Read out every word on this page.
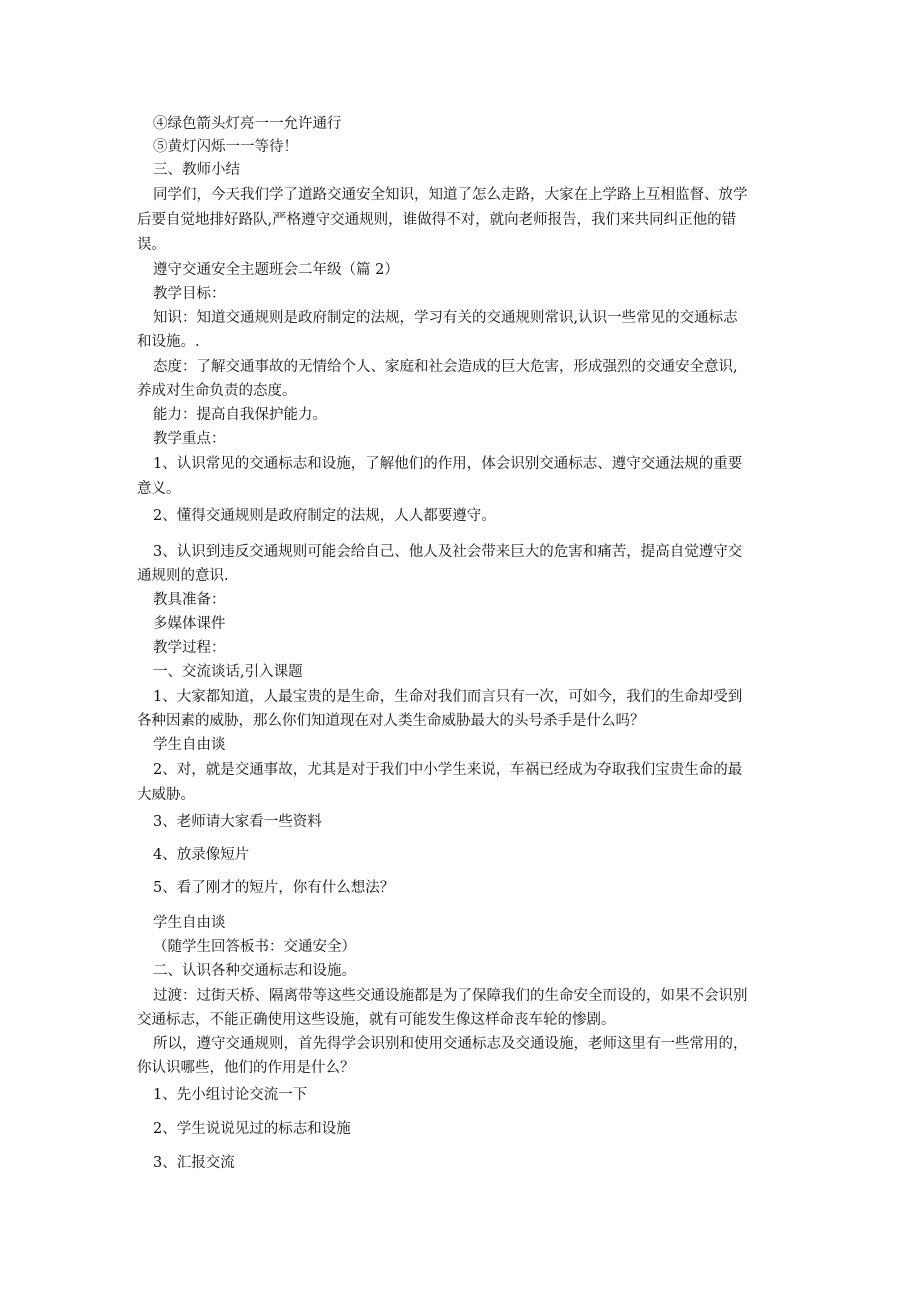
④绿色箭头灯亮一一允许通行
⑤黄灯闪烁一一等待！
三、教师小结
同学们，今天我们学了道路交通安全知识，知道了怎么走路，大家在上学路上互相监督、放学
后要自觉地排好路队,严格遵守交通规则，谁做得不对，就向老师报告，我们来共同纠正他的错
误。
遵守交通安全主题班会二年级（篇 2）
教学目标：
知识：知道交通规则是政府制定的法规，学习有关的交通规则常识,认识一些常见的交通标志
和设施。.
态度：了解交通事故的无情给个人、家庭和社会造成的巨大危害，形成强烈的交通安全意识,
养成对生命负责的态度。
能力：提高自我保护能力。
教学重点：
1、认识常见的交通标志和设施，了解他们的作用，体会识别交通标志、遵守交通法规的重要
意义。
2、懂得交通规则是政府制定的法规，人人都要遵守。
3、认识到违反交通规则可能会给自己、他人及社会带来巨大的危害和痛苦，提高自觉遵守交
通规则的意识.
教具准备：
多媒体课件
教学过程：
一、交流谈话,引入课题
1、大家都知道，人最宝贵的是生命，生命对我们而言只有一次，可如今，我们的生命却受到
各种因素的威胁，那么你们知道现在对人类生命威胁最大的头号杀手是什么吗？
学生自由谈
2、对，就是交通事故，尤其是对于我们中小学生来说，车祸已经成为夺取我们宝贵生命的最
大威胁。
3、老师请大家看一些资料
4、放录像短片
5、看了刚才的短片，你有什么想法？
学生自由谈
（随学生回答板书：交通安全）
二、认识各种交通标志和设施。
过渡：过街天桥、隔离带等这些交通设施都是为了保障我们的生命安全而设的，如果不会识别
交通标志，不能正确使用这些设施，就有可能发生像这样命丧车轮的惨剧。
所以，遵守交通规则，首先得学会识别和使用交通标志及交通设施，老师这里有一些常用的，
你认识哪些，他们的作用是什么？
1、先小组讨论交流一下
2、学生说说见过的标志和设施
3、汇报交流
